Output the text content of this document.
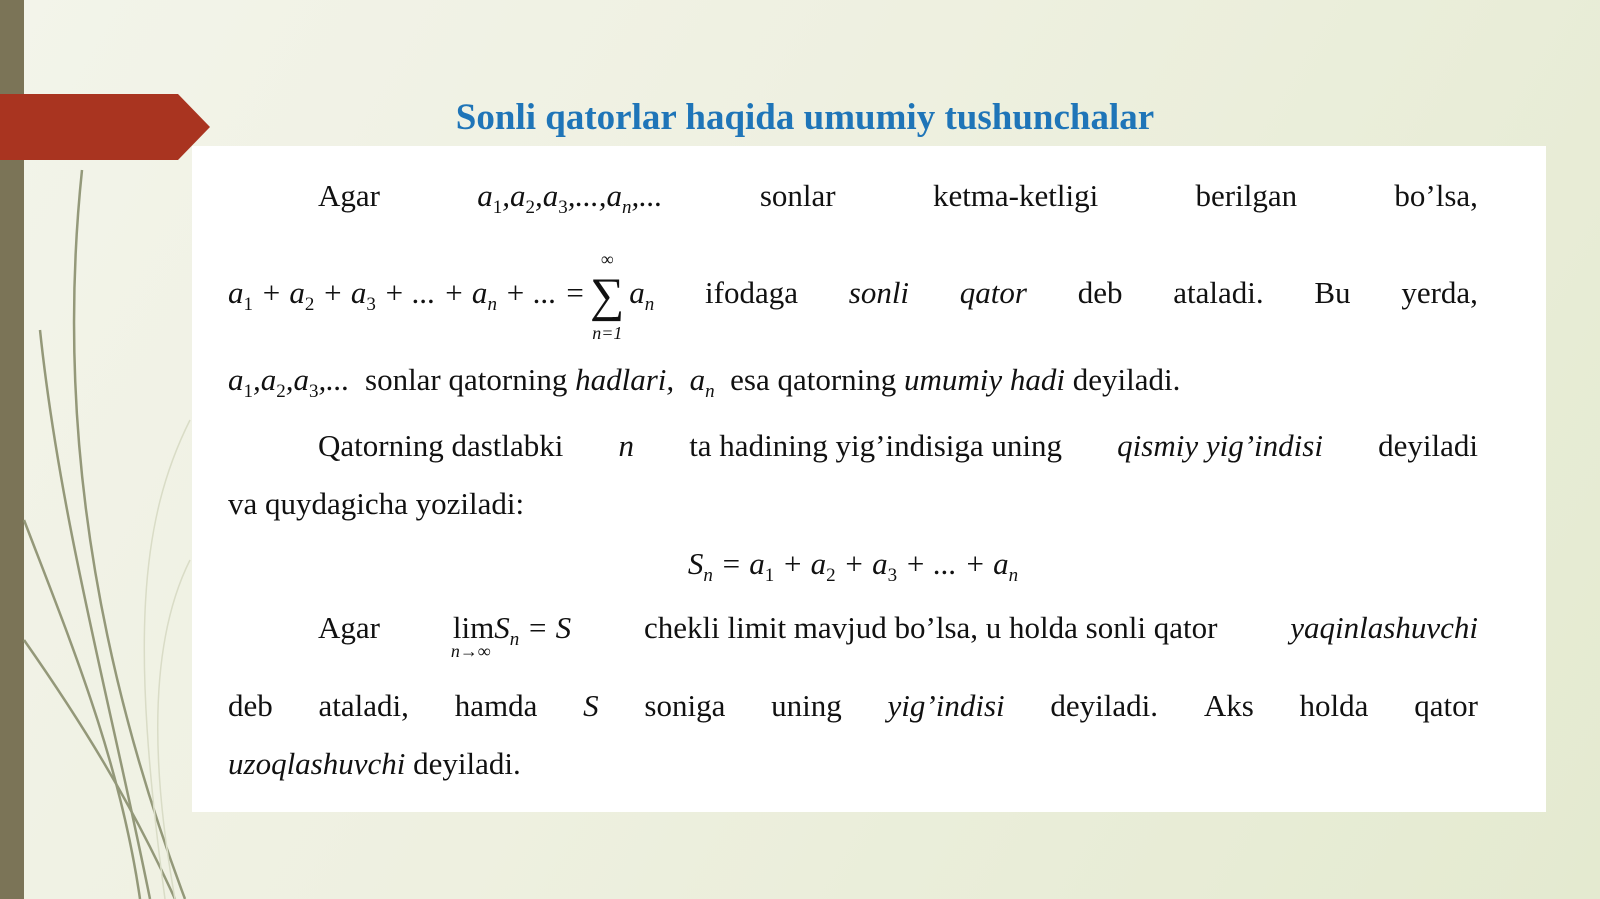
Sonli qatorlar haqida umumiy tushunchalar
Agar	$a_1,a_2,a_3,...,a_n$,...	sonlar	ketma-ketligi	berilgan	bo’lsa,
$a_1 + a_2 + a_3$ + ... + $a_n$ + ... =
∞
∑
n=1
$a_n$ ifodaga sonli qator deb ataladi. Bu yerda,
$a_1,a_2,a_3$,... sonlar qatorning hadlari, $a_n$ esa qatorning umumiy hadi deyiladi.
Qatorning dastlabki n ta hadining yig’indisiga uning qismiy yig’indisi deyiladi
va quydagicha yoziladi:
$S_n = a_1 + a_2 + a_3$ + ... + $a_n$
Agar lim
n→∞
$S_n = S$ chekli limit mavjud bo’lsa, u holda sonli qator yaqinlashuvchi
deb ataladi, hamda S soniga uning yig’indisi deyiladi. Aks holda qator
uzoqlashuvchi deyiladi.
